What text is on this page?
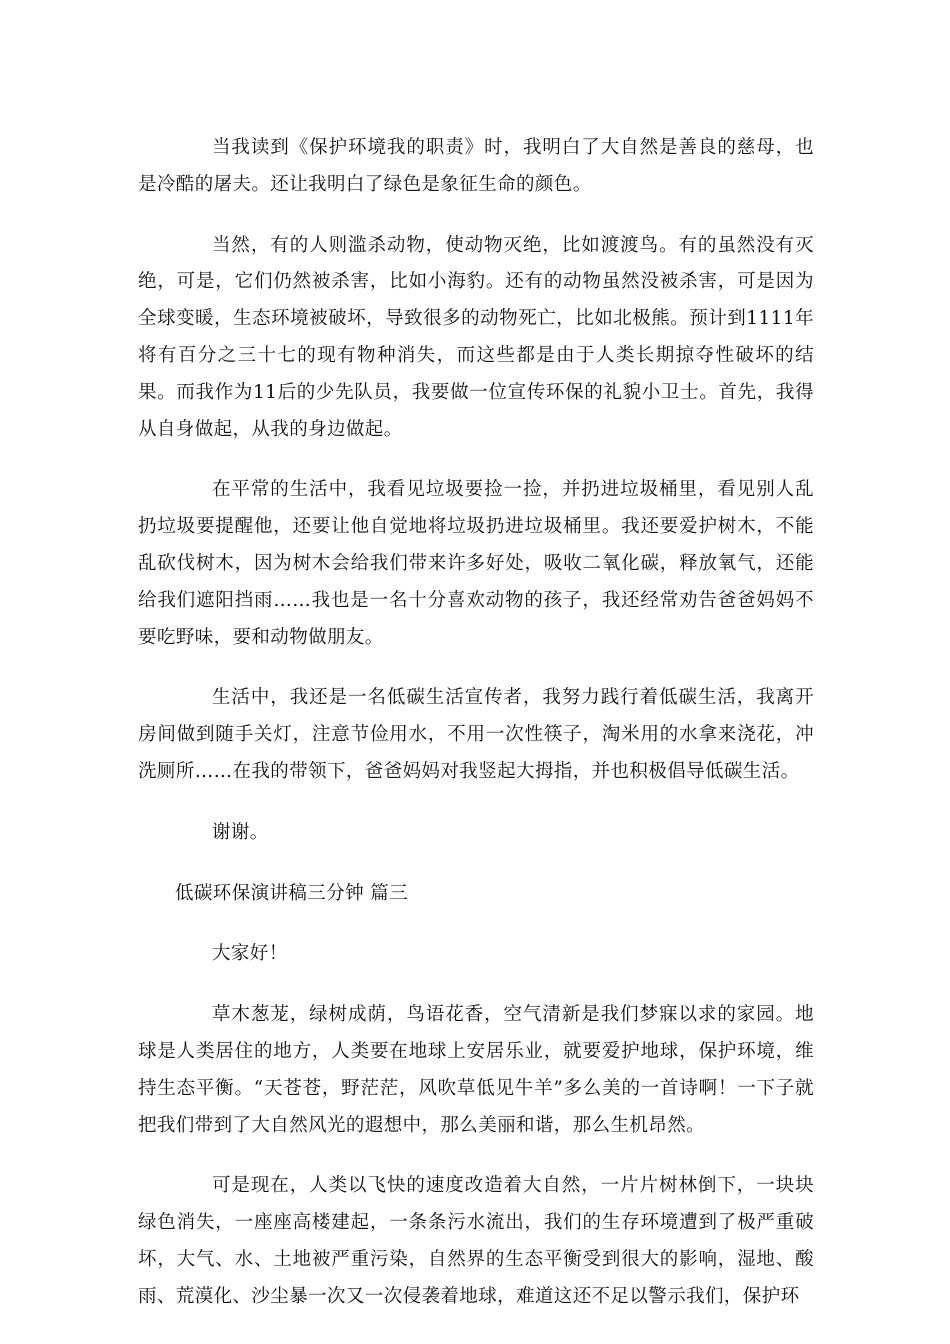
当我读到《保护环境我的职责》时，我明白了大自然是善良的慈母，也是冷酷的屠夫。还让我明白了绿色是象征生命的颜色。

当然，有的人则滥杀动物，使动物灭绝，比如渡渡鸟。有的虽然没有灭绝，可是，它们仍然被杀害，比如小海豹。还有的动物虽然没被杀害，可是因为全球变暖，生态环境被破坏，导致很多的动物死亡，比如北极熊。预计到1111年将有百分之三十七的现有物种消失，而这些都是由于人类长期掠夺性破坏的结果。而我作为11后的少先队员，我要做一位宣传环保的礼貌小卫士。首先，我得从自身做起，从我的身边做起。

在平常的生活中，我看见垃圾要捡一捡，并扔进垃圾桶里，看见别人乱扔垃圾要提醒他，还要让他自觉地将垃圾扔进垃圾桶里。我还要爱护树木，不能乱砍伐树木，因为树木会给我们带来许多好处，吸收二氧化碳，释放氧气，还能给我们遮阳挡雨……我也是一名十分喜欢动物的孩子，我还经常劝告爸爸妈妈不要吃野味，要和动物做朋友。

生活中，我还是一名低碳生活宣传者，我努力践行着低碳生活，我离开房间做到随手关灯，注意节俭用水，不用一次性筷子，淘米用的水拿来浇花，冲洗厕所……在我的带领下，爸爸妈妈对我竖起大拇指，并也积极倡导低碳生活。

谢谢。

低碳环保演讲稿三分钟 篇三

大家好！

草木葱茏，绿树成荫，鸟语花香，空气清新是我们梦寐以求的家园。地球是人类居住的地方，人类要在地球上安居乐业，就要爱护地球，保护环境，维持生态平衡。“天苍苍，野茫茫，风吹草低见牛羊”多么美的一首诗啊！一下子就把我们带到了大自然风光的遐想中，那么美丽和谐，那么生机昂然。

可是现在，人类以飞快的速度改造着大自然，一片片树林倒下，一块块绿色消失，一座座高楼建起，一条条污水流出，我们的生存环境遭到了极严重破坏，大气、水、土地被严重污染，自然界的生态平衡受到很大的影响，湿地、酸雨、荒漠化、沙尘暴一次又一次侵袭着地球，难道这还不足以警示我们，保护环
